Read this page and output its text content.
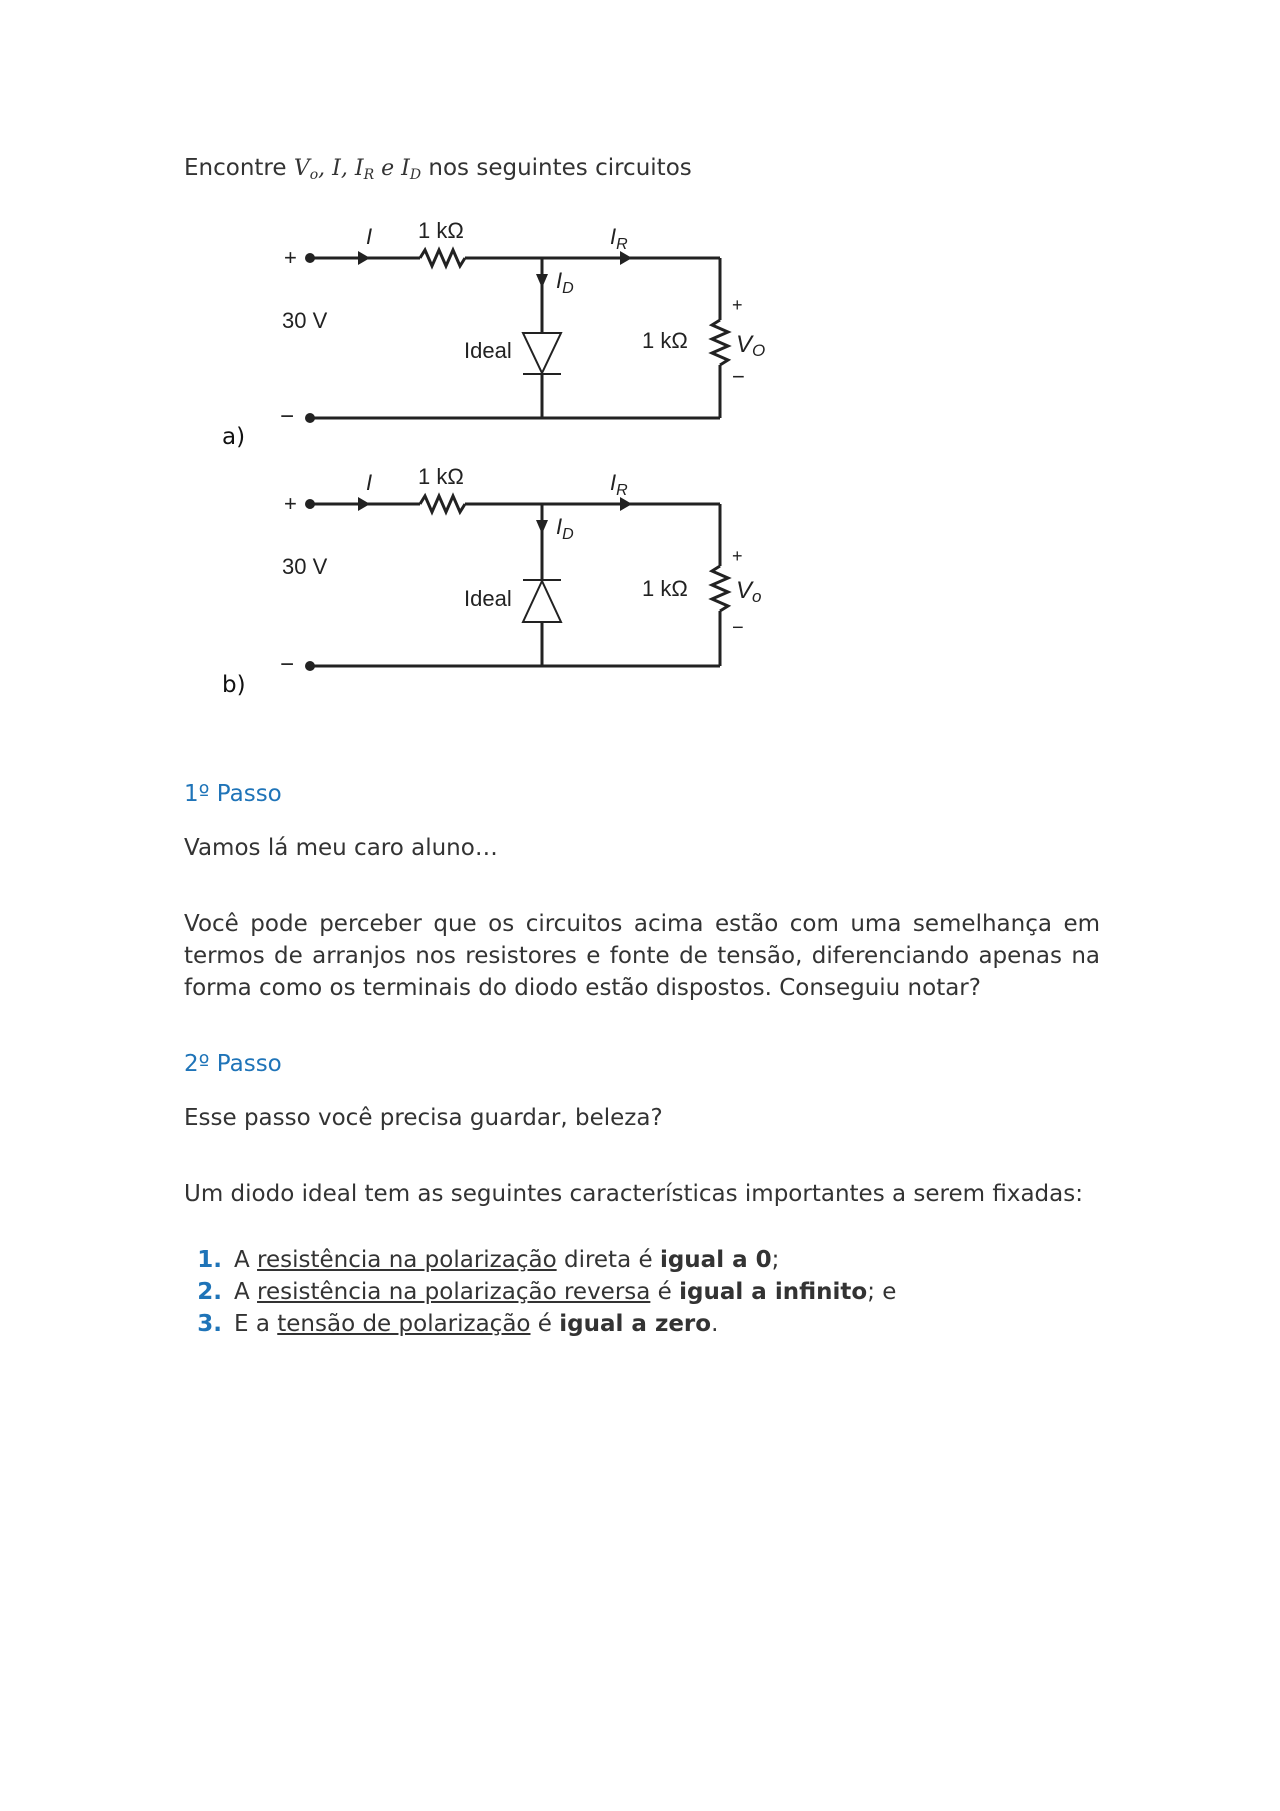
Encontre $V_o$, I, $I_R$ e $I_D$ nos seguintes circuitos
+
−
30 V
I 1 kΩ	$I_R$
$I_D$
Ideal	1 kΩ
+
−
VO
a)
+
−
30 V
I 1 kΩ	$I_R$
$I_D$
Ideal	1 kΩ
+
−
Vo
b)
1º Passo
Vamos lá meu caro aluno…
Você pode perceber que os circuitos acima estão com uma semelhança em termos de arranjos nos resistores e fonte de tensão, diferenciando apenas na forma como os terminais do diodo estão dispostos. Conseguiu notar?
2º Passo
Esse passo você precisa guardar, beleza?
Um diodo ideal tem as seguintes características importantes a serem fixadas:
1. A resistência na polarização direta é igual a 0;
2. A resistência na polarização reversa é igual a infinito; e
3. E a tensão de polarização é igual a zero.
